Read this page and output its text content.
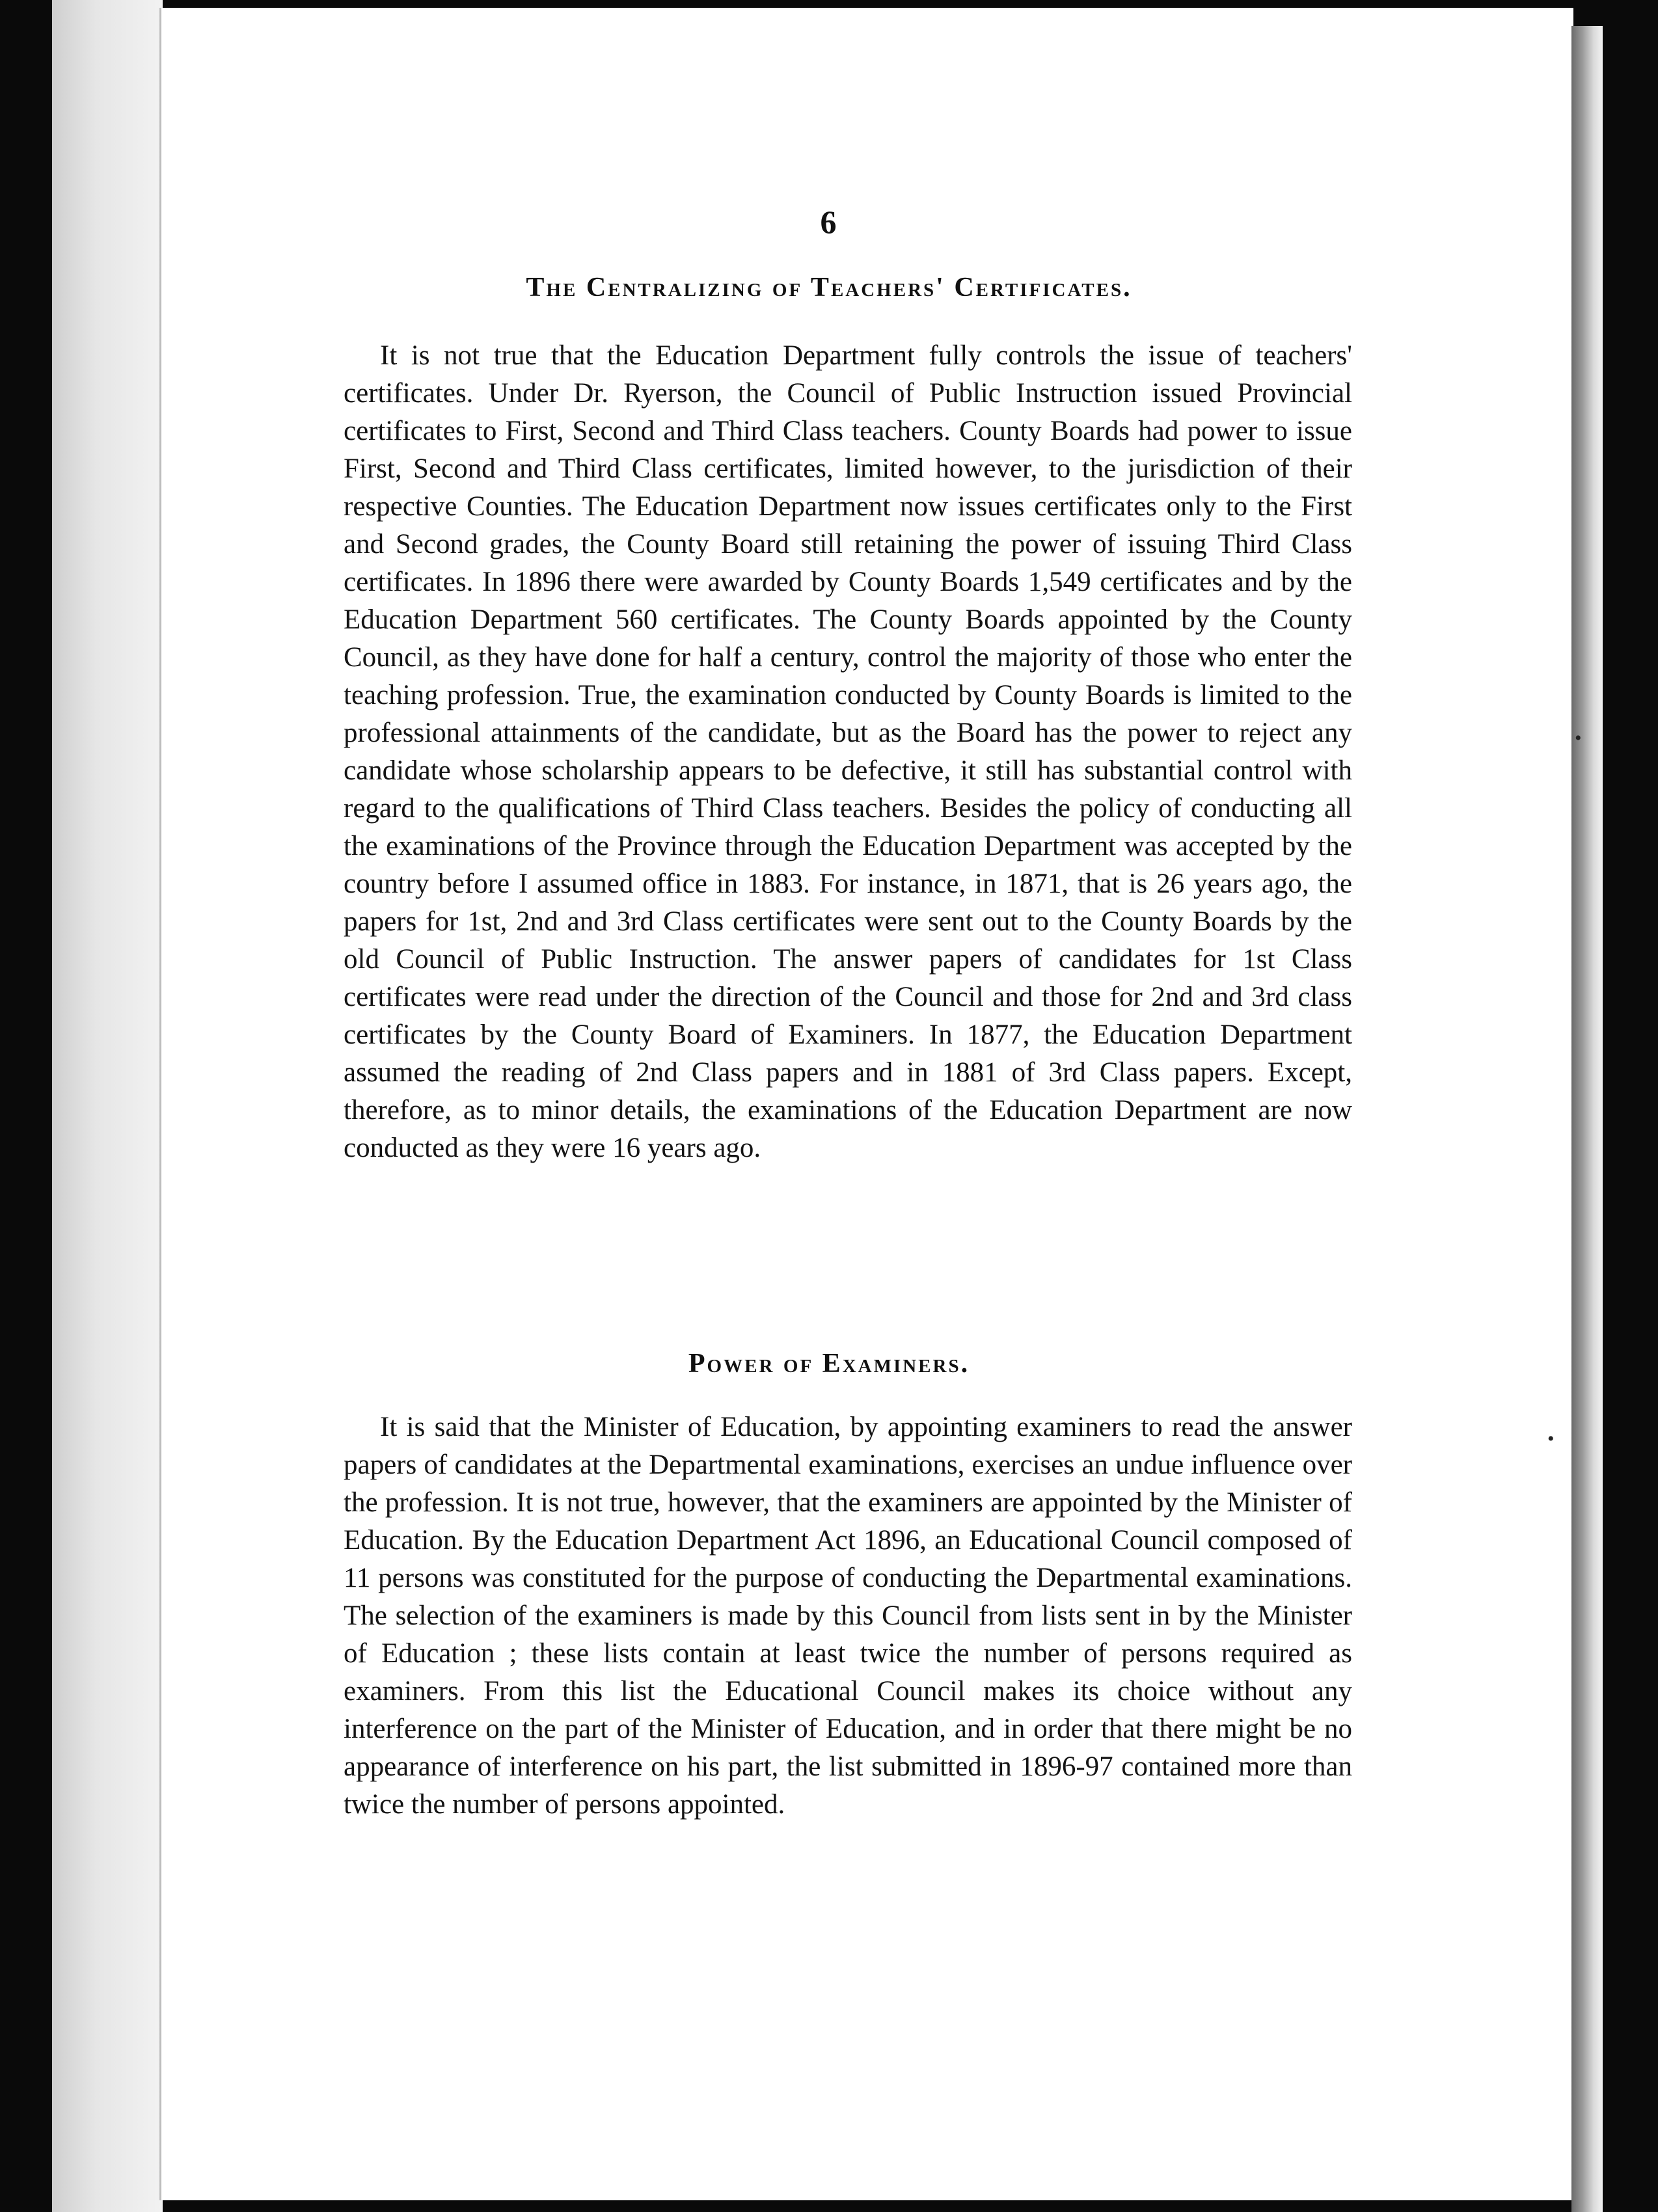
•
•
6
The Centralizing of Teachers' Certificates.

It is not true that the Education Department fully controls the issue of teachers' certificates. Under Dr. Ryerson, the Council of Public Instruction issued Provincial certificates to First, Second and Third Class teachers. County Boards had power to issue First, Second and Third Class certificates, limited however, to the jurisdiction of their respective Counties. The Education Department now issues certificates only to the First and Second grades, the County Board still retaining the power of issuing Third Class certificates. In 1896 there were awarded by County Boards 1,549 certificates and by the Education Department 560 certificates. The County Boards appointed by the County Council, as they have done for half a century, control the majority of those who enter the teaching profession. True, the examination conducted by County Boards is limited to the professional attainments of the candidate, but as the Board has the power to reject any candidate whose scholarship appears to be defective, it still has substantial control with regard to the qualifications of Third Class teachers. Besides the policy of conducting all the examinations of the Province through the Education Department was accepted by the country before I assumed office in 1883. For instance, in 1871, that is 26 years ago, the papers for 1st, 2nd and 3rd Class certificates were sent out to the County Boards by the old Council of Public Instruction. The answer papers of candidates for 1st Class certificates were read under the direction of the Council and those for 2nd and 3rd class certificates by the County Board of Examiners. In 1877, the Education Department assumed the reading of 2nd Class papers and in 1881 of 3rd Class papers. Except, therefore, as to minor details, the examinations of the Education Department are now conducted as they were 16 years ago.

Power of Examiners.

It is said that the Minister of Education, by appointing examiners to read the answer papers of candidates at the Departmental examinations, exercises an undue influence over the profession. It is not true, however, that the examiners are appointed by the Minister of Education. By the Education Department Act 1896, an Educational Council composed of 11 persons was constituted for the purpose of conducting the Departmental examinations. The selection of the examiners is made by this Council from lists sent in by the Minister of Education ; these lists contain at least twice the number of persons required as examiners. From this list the Educational Council makes its choice without any interference on the part of the Minister of Education, and in order that there might be no appearance of interference on his part, the list submitted in 1896-97 contained more than twice the number of persons appointed.
